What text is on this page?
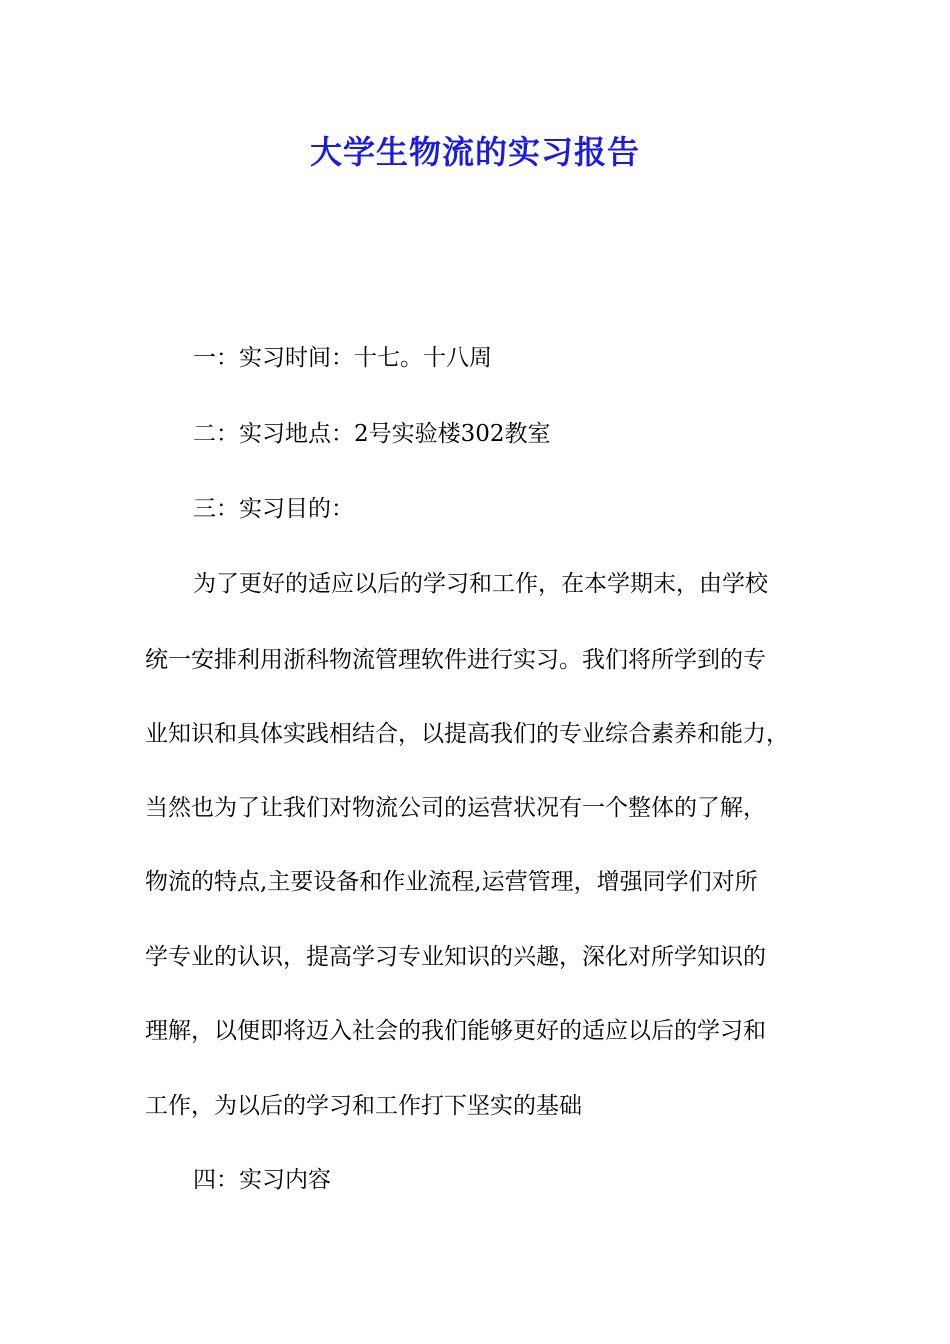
大学生物流的实习报告
一：实习时间：十七。十八周
二：实习地点：2号实验楼302教室
三：实习目的：
为了更好的适应以后的学习和工作，在本学期末，由学校
统一安排利用浙科物流管理软件进行实习。我们将所学到的专
业知识和具体实践相结合，以提高我们的专业综合素养和能力，
当然也为了让我们对物流公司的运营状况有一个整体的了解，
物流的特点,主要设备和作业流程,运营管理，增强同学们对所
学专业的认识，提高学习专业知识的兴趣，深化对所学知识的
理解，以便即将迈入社会的我们能够更好的适应以后的学习和
工作，为以后的学习和工作打下坚实的基础
四：实习内容
